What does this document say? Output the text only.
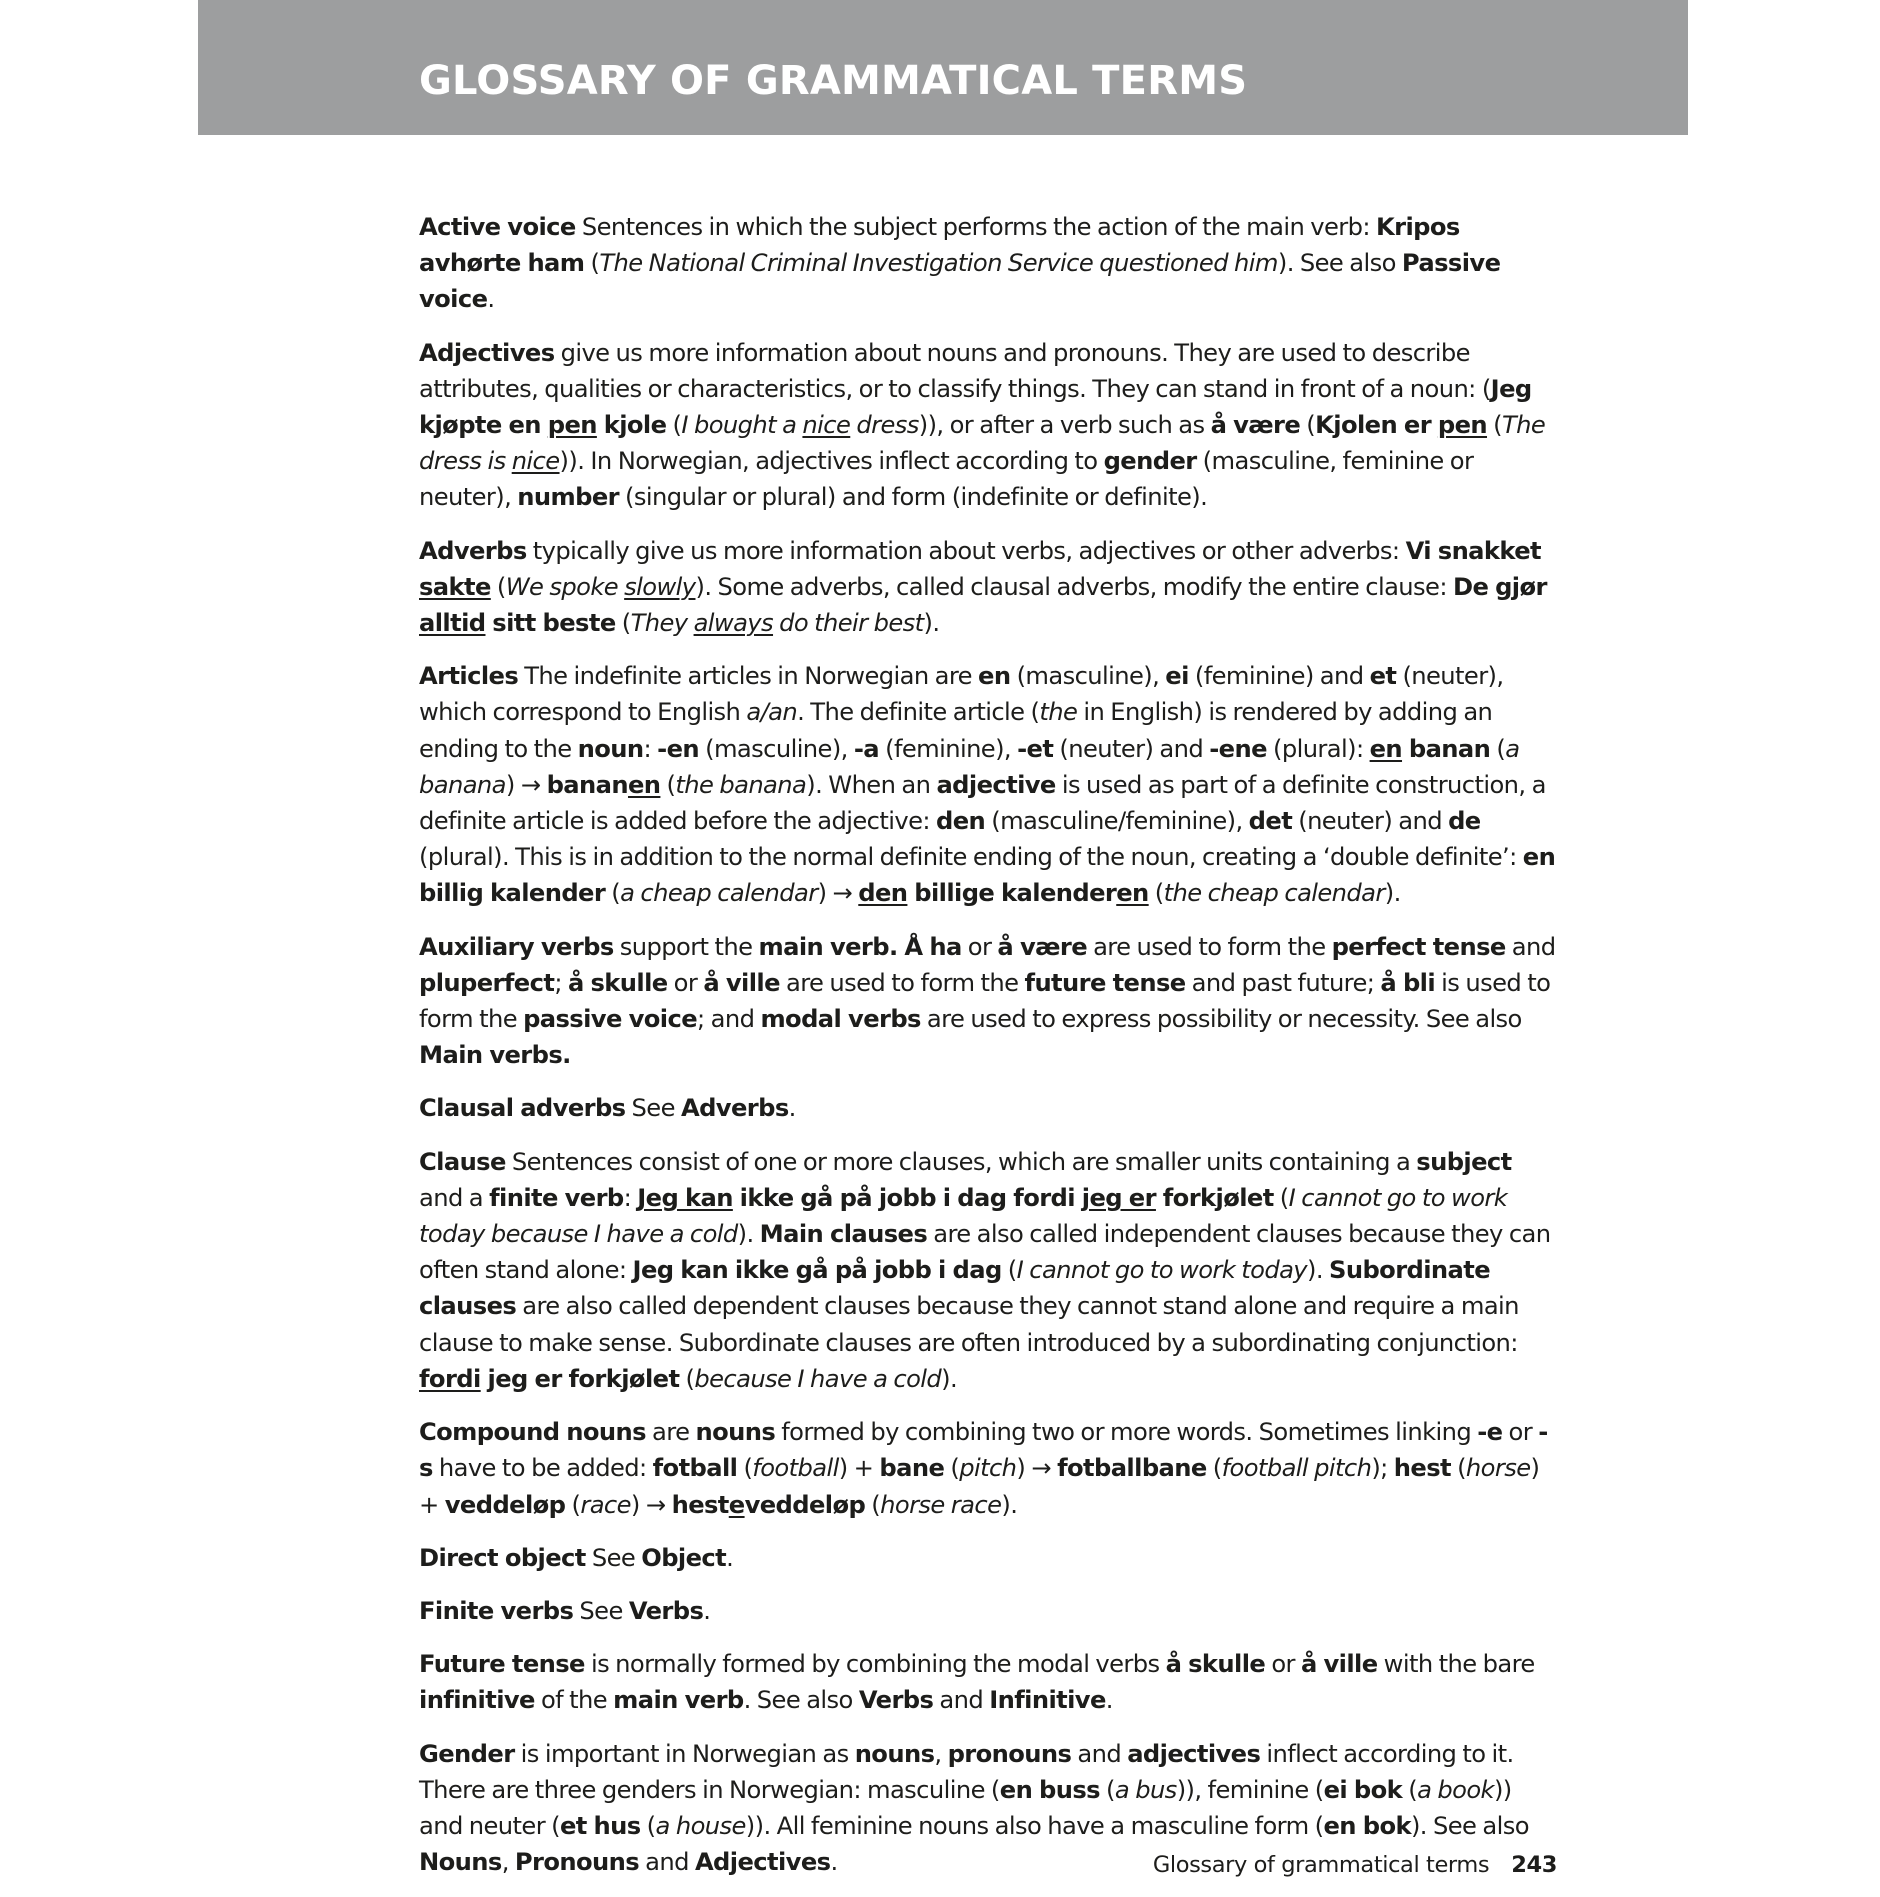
GLOSSARY OF GRAMMATICAL TERMS

Active voice Sentences in which the subject performs the action of the main verb: Kripos avhørte ham (The National Criminal Investigation Service questioned him). See also Passive voice.

Adjectives give us more information about nouns and pronouns. They are used to describe attributes, qualities or characteristics, or to classify things. They can stand in front of a noun: (Jeg kjøpte en pen kjole (I bought a nice dress)), or after a verb such as å være (Kjolen er pen (The dress is nice)). In Norwegian, adjectives inflect according to gender (masculine, feminine or neuter), number (singular or plural) and form (indefinite or definite).

Adverbs typically give us more information about verbs, adjectives or other adverbs: Vi snakket sakte (We spoke slowly). Some adverbs, called clausal adverbs, modify the entire clause: De gjør alltid sitt beste (They always do their best).

Articles The indefinite articles in Norwegian are en (masculine), ei (feminine) and et (neuter), which correspond to English a/an. The definite article (the in English) is rendered by adding an ending to the noun: -en (masculine), -a (feminine), -et (neuter) and -ene (plural): en banan (a banana) → bananen (the banana). When an adjective is used as part of a definite construction, a definite article is added before the adjective: den (masculine/feminine), det (neuter) and de (plural). This is in addition to the normal definite ending of the noun, creating a ‘double definite’: en billig kalender (a cheap calendar) → den billige kalenderen (the cheap calendar).

Auxiliary verbs support the main verb. Å ha or å være are used to form the perfect tense and pluperfect; å skulle or å ville are used to form the future tense and past future; å bli is used to form the passive voice; and modal verbs are used to express possibility or necessity. See also Main verbs.

Clausal adverbs See Adverbs.

Clause Sentences consist of one or more clauses, which are smaller units containing a subject and a finite verb: Jeg kan ikke gå på jobb i dag fordi jeg er forkjølet (I cannot go to work today because I have a cold). Main clauses are also called independent clauses because they can often stand alone: Jeg kan ikke gå på jobb i dag (I cannot go to work today). Subordinate clauses are also called dependent clauses because they cannot stand alone and require a main clause to make sense. Subordinate clauses are often introduced by a subordinating conjunction: fordi jeg er forkjølet (because I have a cold).

Compound nouns are nouns formed by combining two or more words. Sometimes linking -e or -s have to be added: fotball (football) + bane (pitch) → fotballbane (football pitch); hest (horse) + veddeløp (race) → hesteveddeløp (horse race).

Direct object See Object.

Finite verbs See Verbs.

Future tense is normally formed by combining the modal verbs å skulle or å ville with the bare infinitive of the main verb. See also Verbs and Infinitive.

Gender is important in Norwegian as nouns, pronouns and adjectives inflect according to it. There are three genders in Norwegian: masculine (en buss (a bus)), feminine (ei bok (a book)) and neuter (et hus (a house)). All feminine nouns also have a masculine form (en bok). See also Nouns, Pronouns and Adjectives.	Glossary of grammatical terms 243
